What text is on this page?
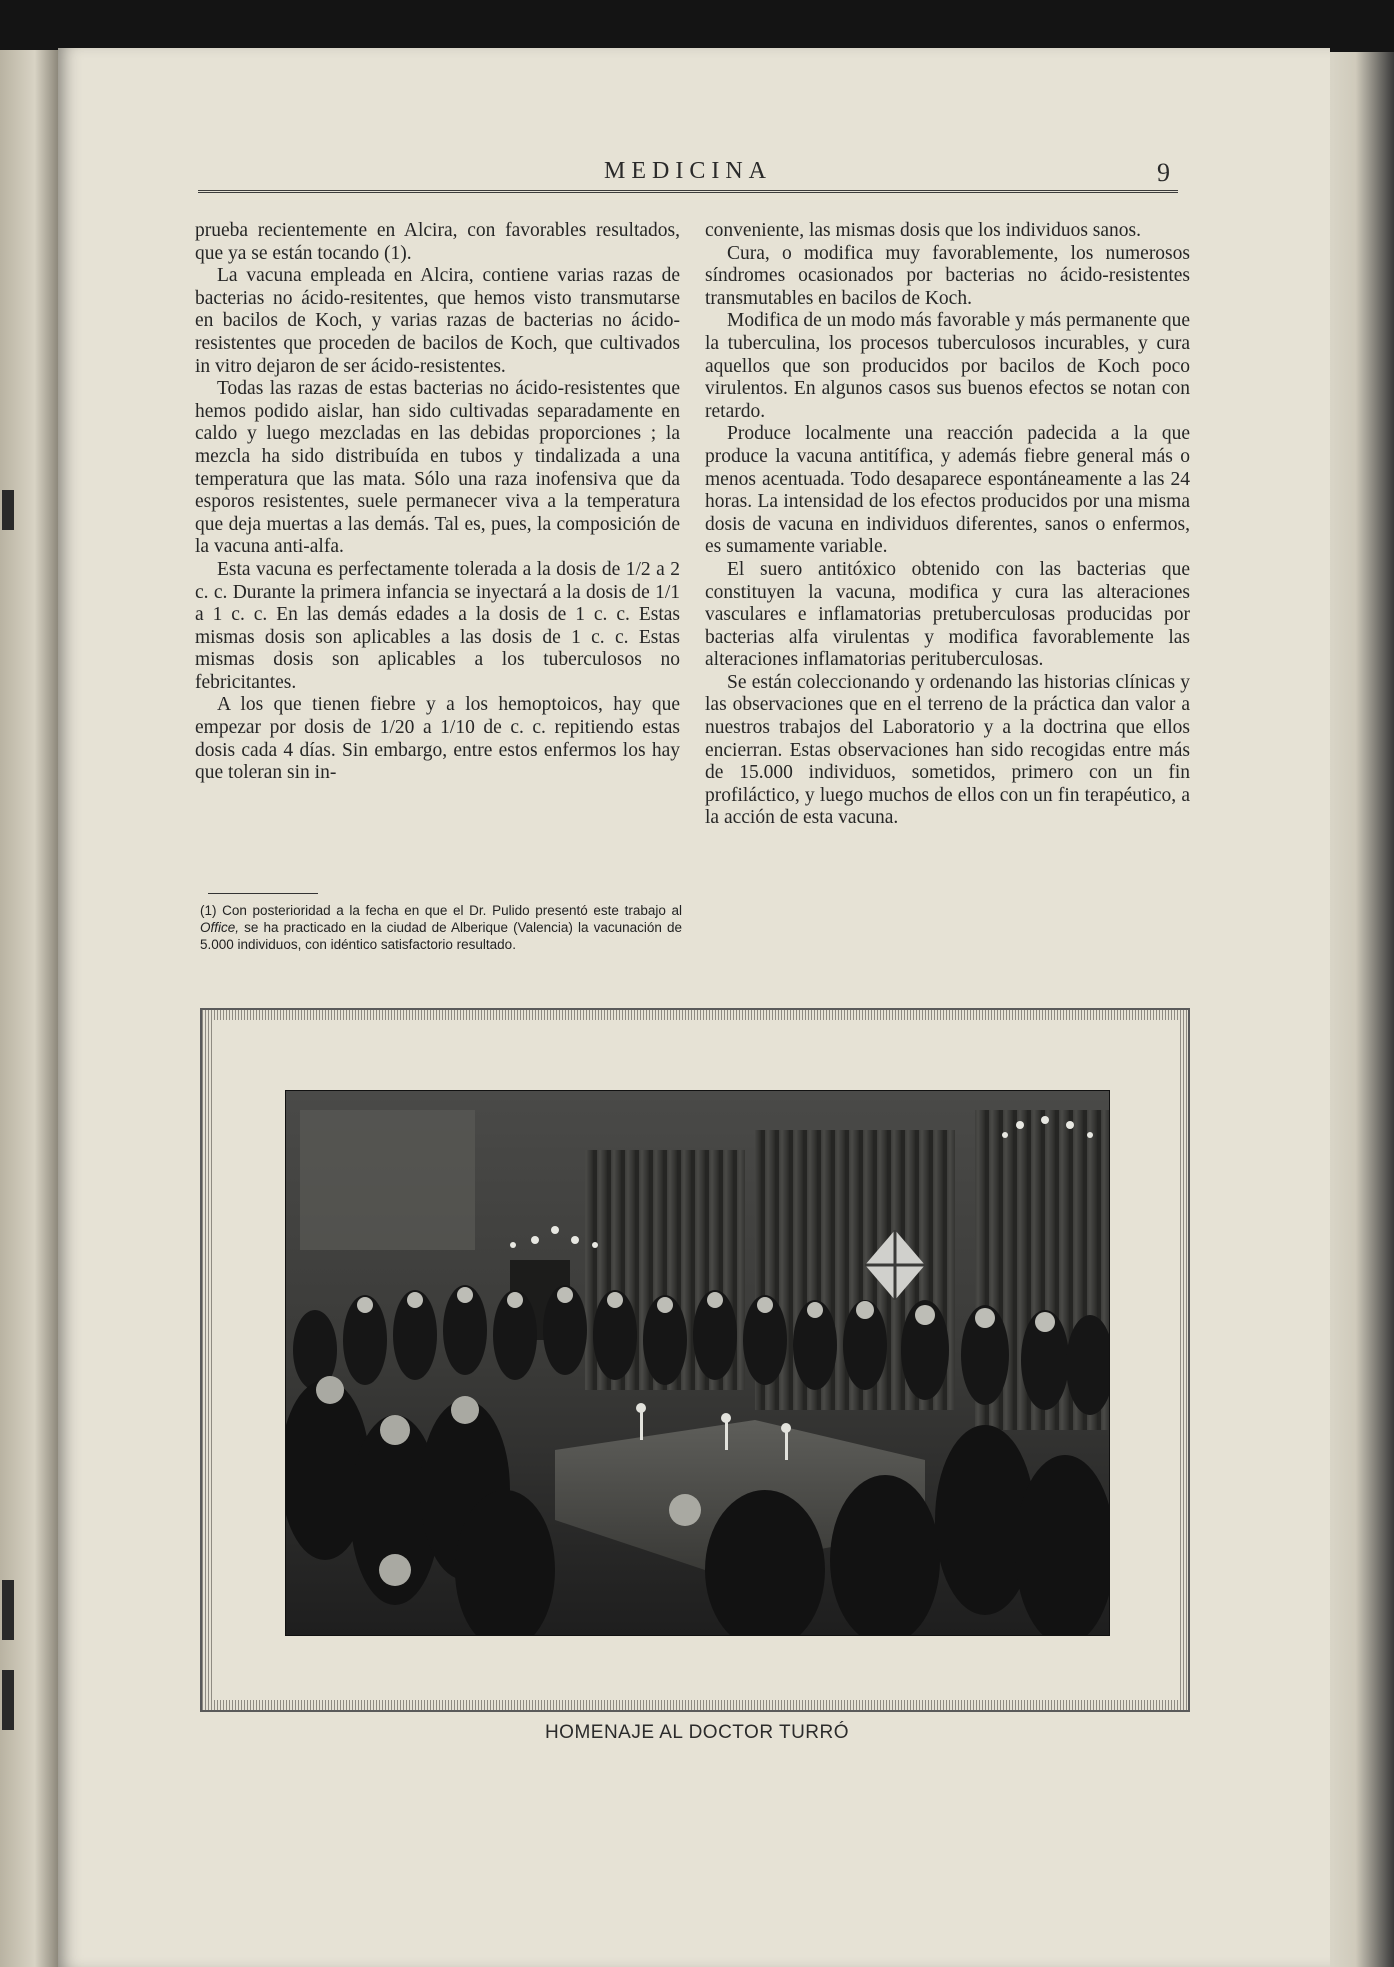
MEDICINA	9

prueba recientemente en Alcira, con favorables resultados, que ya se están tocando (1).

La vacuna empleada en Alcira, contiene varias razas de bacterias no ácido-resitentes, que hemos visto transmutarse en bacilos de Koch, y varias razas de bacterias no ácido-resistentes que proceden de bacilos de Koch, que cultivados in vitro dejaron de ser ácido-resistentes.

Todas las razas de estas bacterias no ácido-resistentes que hemos podido aislar, han sido cultivadas separadamente en caldo y luego mezcladas en las debidas proporciones ; la mezcla ha sido distribuída en tubos y tindalizada a una temperatura que las mata. Sólo una raza inofensiva que da esporos resistentes, suele permanecer viva a la temperatura que deja muertas a las demás. Tal es, pues, la composición de la vacuna anti-alfa.

Esta vacuna es perfectamente tolerada a la dosis de 1/2 a 2 c. c. Durante la primera infancia se inyectará a la dosis de 1/1 a 1 c. c. En las demás edades a la dosis de 1 c. c. Estas mismas dosis son aplicables a las dosis de 1 c. c. Estas mismas dosis son aplicables a los tuberculosos no febricitantes.

A los que tienen fiebre y a los hemoptoicos, hay que empezar por dosis de 1/20 a 1/10 de c. c. repitiendo estas dosis cada 4 días. Sin embargo, entre estos enfermos los hay que toleran sin in-

(1) Con posterioridad a la fecha en que el Dr. Pulido presentó este trabajo al Office, se ha practicado en la ciudad de Alberique (Valencia) la vacunación de 5.000 individuos, con idéntico satisfactorio resultado.

conveniente, las mismas dosis que los individuos sanos.

Cura, o modifica muy favorablemente, los numerosos síndromes ocasionados por bacterias no ácido-resistentes transmutables en bacilos de Koch.

Modifica de un modo más favorable y más permanente que la tuberculina, los procesos tuberculosos incurables, y cura aquellos que son producidos por bacilos de Koch poco virulentos. En algunos casos sus buenos efectos se notan con retardo.

Produce localmente una reacción padecida a la que produce la vacuna antitífica, y además fiebre general más o menos acentuada. Todo desaparece espontáneamente a las 24 horas. La intensidad de los efectos producidos por una misma dosis de vacuna en individuos diferentes, sanos o enfermos, es sumamente variable.

El suero antitóxico obtenido con las bacterias que constituyen la vacuna, modifica y cura las alteraciones vasculares e inflamatorias pretuberculosas producidas por bacterias alfa virulentas y modifica favorablemente las alteraciones inflamatorias perituberculosas.

Se están coleccionando y ordenando las historias clínicas y las observaciones que en el terreno de la práctica dan valor a nuestros trabajos del Laboratorio y a la doctrina que ellos encierran. Estas observaciones han sido recogidas entre más de 15.000 individuos, sometidos, primero con un fin profiláctico, y luego muchos de ellos con un fin terapéutico, a la acción de esta vacuna.

HOMENAJE AL DOCTOR TURRÓ
